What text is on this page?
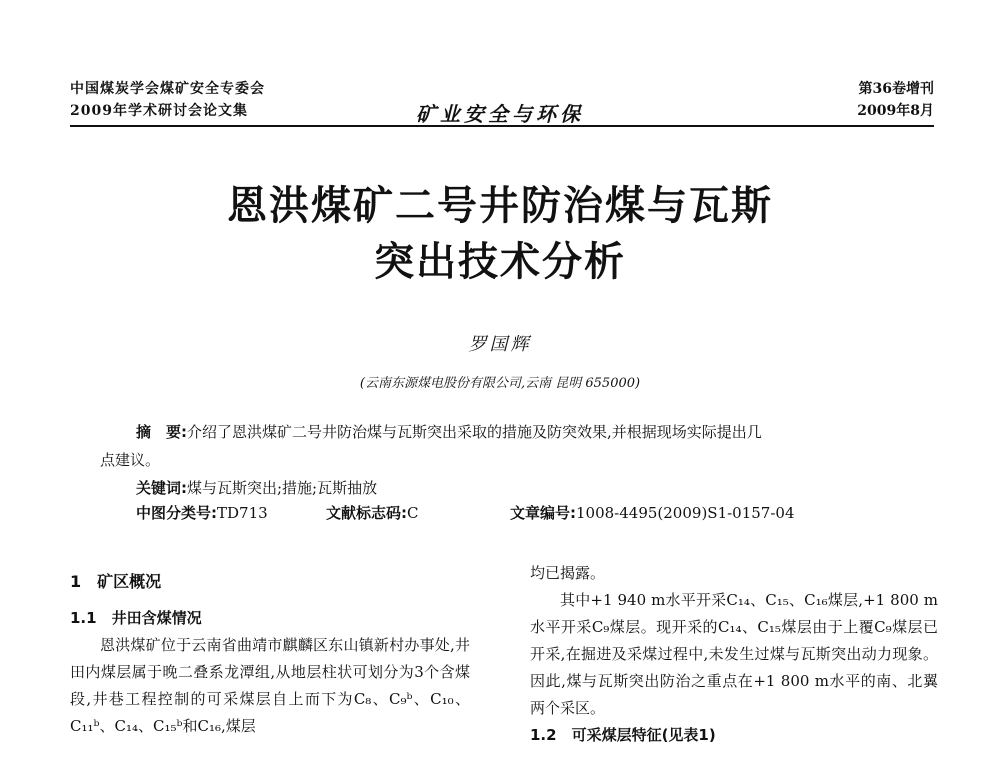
中国煤炭学会煤矿安全专委会
2009年学术研讨会论文集	矿业安全与环保
第36卷增刊
2009年8月
恩洪煤矿二号井防治煤与瓦斯
突出技术分析
罗国辉
(云南东源煤电股份有限公司,云南 昆明 655000)
摘　要:介绍了恩洪煤矿二号井防治煤与瓦斯突出采取的措施及防突效果,并根据现场实际提出几
点建议。
关键词:煤与瓦斯突出;措施;瓦斯抽放
中图分类号:TD713	文献标志码:C	文章编号:1008-4495(2009)S1-0157-04
1　矿区概况
1.1　井田含煤情况

恩洪煤矿位于云南省曲靖市麒麟区东山镇新村办事处,井田内煤层属于晚二叠系龙潭组,从地层柱状可划分为3个含煤段,井巷工程控制的可采煤层自上而下为C₈、C₉ᵇ、C₁₀、C₁₁ᵇ、C₁₄、C₁₅ᵇ和C₁₆,煤层

均已揭露。

其中+1 940 m水平开采C₁₄、C₁₅、C₁₆煤层,+1 800 m水平开采C₉煤层。现开采的C₁₄、C₁₅煤层由于上覆C₉煤层已开采,在掘进及采煤过程中,未发生过煤与瓦斯突出动力现象。因此,煤与瓦斯突出防治之重点在+1 800 m水平的南、北翼两个采区。

1.2　可采煤层特征(见表1)
